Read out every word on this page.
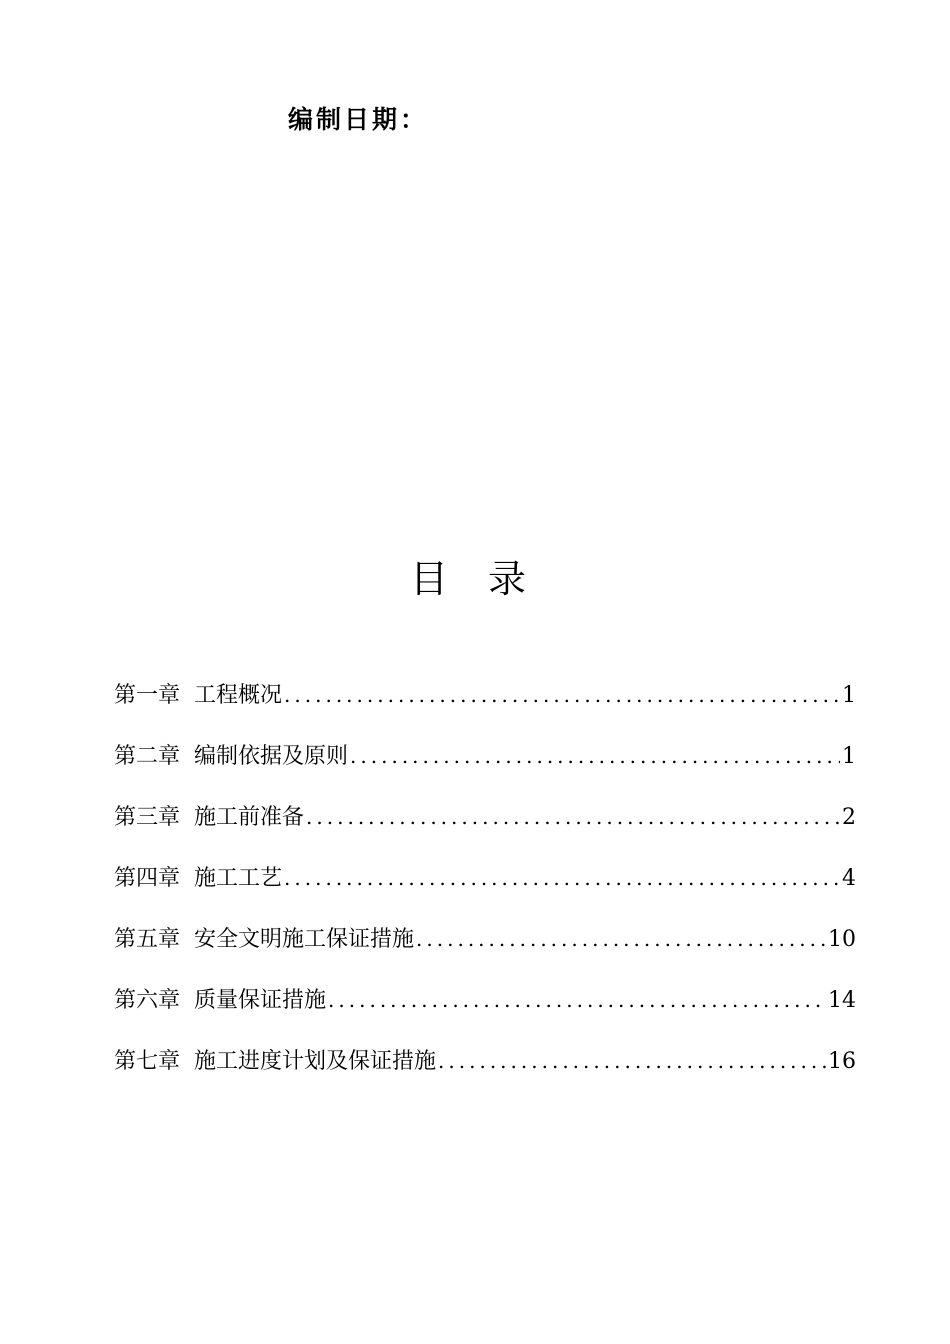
编制日期：
目 录
第一章 工程概况 .....	1
第二章 编制依据及原则 .....	1
第三章 施工前准备 .....	2
第四章 施工工艺 .....	4
第五章 安全文明施工保证措施 .....	10
第六章 质量保证措施 .....	14
第七章 施工进度计划及保证措施 .....	16
